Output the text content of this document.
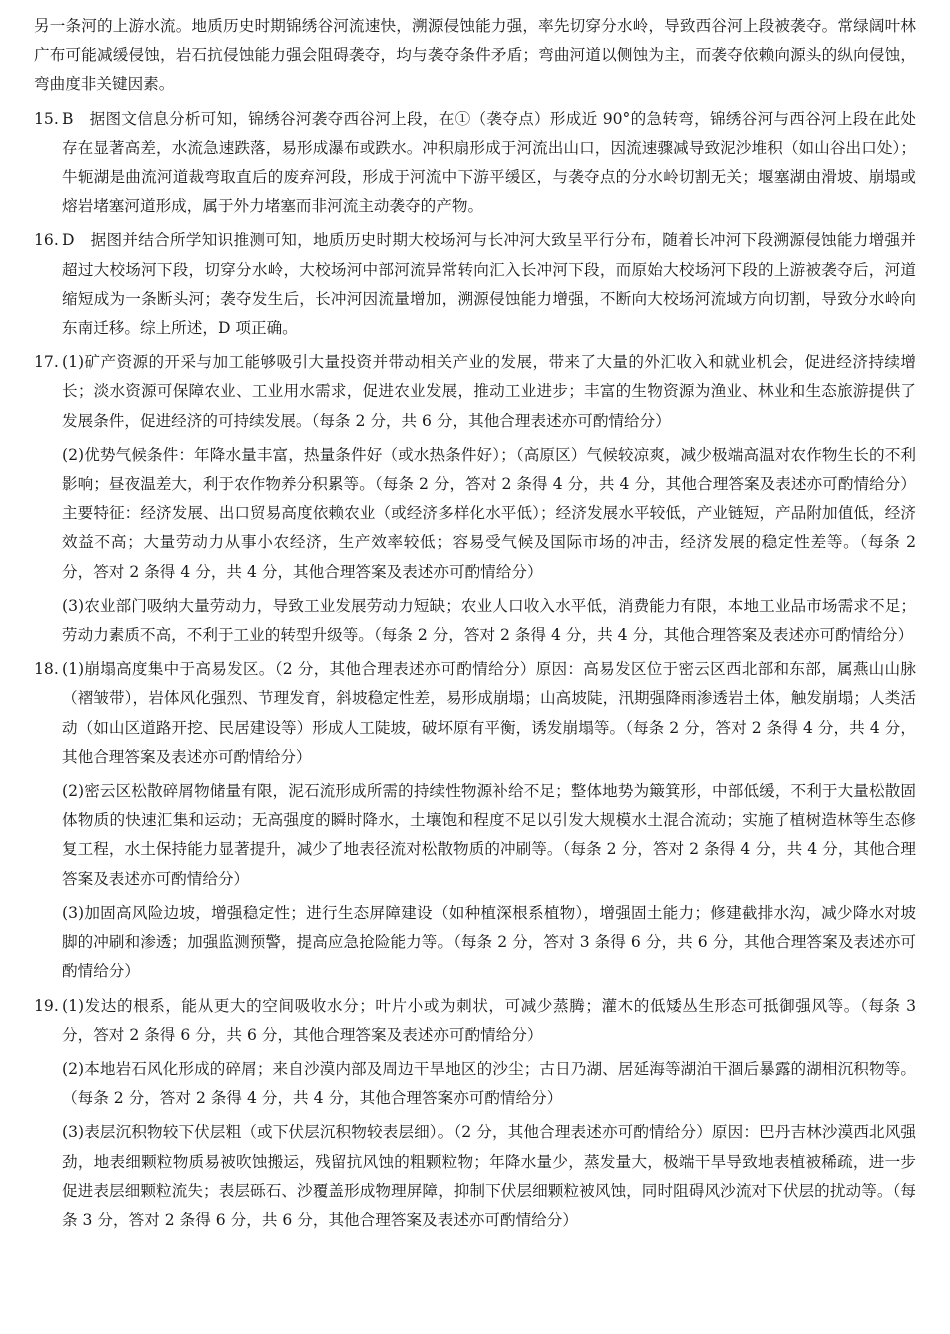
另一条河的上游水流。地质历史时期锦绣谷河流速快，溯源侵蚀能力强，率先切穿分水岭，导致西谷河上段被袭夺。常绿阔叶林广布可能减缓侵蚀，岩石抗侵蚀能力强会阻碍袭夺，均与袭夺条件矛盾；弯曲河道以侧蚀为主，而袭夺依赖向源头的纵向侵蚀，弯曲度非关键因素。

15. B　据图文信息分析可知，锦绣谷河袭夺西谷河上段，在①（袭夺点）形成近 90°的急转弯，锦绣谷河与西谷河上段在此处存在显著高差，水流急速跌落，易形成瀑布或跌水。冲积扇形成于河流出山口，因流速骤减导致泥沙堆积（如山谷出口处）；牛轭湖是曲流河道裁弯取直后的废弃河段，形成于河流中下游平缓区，与袭夺点的分水岭切割无关；堰塞湖由滑坡、崩塌或熔岩堵塞河道形成，属于外力堵塞而非河流主动袭夺的产物。

16. D　据图并结合所学知识推测可知，地质历史时期大校场河与长冲河大致呈平行分布，随着长冲河下段溯源侵蚀能力增强并超过大校场河下段，切穿分水岭，大校场河中部河流异常转向汇入长冲河下段，而原始大校场河下段的上游被袭夺后，河道缩短成为一条断头河；袭夺发生后，长冲河因流量增加，溯源侵蚀能力增强，不断向大校场河流域方向切割，导致分水岭向东南迁移。综上所述，D 项正确。

17. (1)矿产资源的开采与加工能够吸引大量投资并带动相关产业的发展，带来了大量的外汇收入和就业机会，促进经济持续增长；淡水资源可保障农业、工业用水需求，促进农业发展，推动工业进步；丰富的生物资源为渔业、林业和生态旅游提供了发展条件，促进经济的可持续发展。（每条 2 分，共 6 分，其他合理表述亦可酌情给分）

(2)优势气候条件：年降水量丰富，热量条件好（或水热条件好）；（高原区）气候较凉爽，减少极端高温对农作物生长的不利影响；昼夜温差大，利于农作物养分积累等。（每条 2 分，答对 2 条得 4 分，共 4 分，其他合理答案及表述亦可酌情给分）主要特征：经济发展、出口贸易高度依赖农业（或经济多样化水平低）；经济发展水平较低，产业链短，产品附加值低，经济效益不高；大量劳动力从事小农经济，生产效率较低；容易受气候及国际市场的冲击，经济发展的稳定性差等。（每条 2 分，答对 2 条得 4 分，共 4 分，其他合理答案及表述亦可酌情给分）

(3)农业部门吸纳大量劳动力，导致工业发展劳动力短缺；农业人口收入水平低，消费能力有限，本地工业品市场需求不足；劳动力素质不高，不利于工业的转型升级等。（每条 2 分，答对 2 条得 4 分，共 4 分，其他合理答案及表述亦可酌情给分）

18. (1)崩塌高度集中于高易发区。（2 分，其他合理表述亦可酌情给分）原因：高易发区位于密云区西北部和东部，属燕山山脉（褶皱带），岩体风化强烈、节理发育，斜坡稳定性差，易形成崩塌；山高坡陡，汛期强降雨渗透岩土体，触发崩塌；人类活动（如山区道路开挖、民居建设等）形成人工陡坡，破坏原有平衡，诱发崩塌等。（每条 2 分，答对 2 条得 4 分，共 4 分，其他合理答案及表述亦可酌情给分）

(2)密云区松散碎屑物储量有限，泥石流形成所需的持续性物源补给不足；整体地势为簸箕形，中部低缓，不利于大量松散固体物质的快速汇集和运动；无高强度的瞬时降水，土壤饱和程度不足以引发大规模水土混合流动；实施了植树造林等生态修复工程，水土保持能力显著提升，减少了地表径流对松散物质的冲刷等。（每条 2 分，答对 2 条得 4 分，共 4 分，其他合理答案及表述亦可酌情给分）

(3)加固高风险边坡，增强稳定性；进行生态屏障建设（如种植深根系植物），增强固土能力；修建截排水沟，减少降水对坡脚的冲刷和渗透；加强监测预警，提高应急抢险能力等。（每条 2 分，答对 3 条得 6 分，共 6 分，其他合理答案及表述亦可酌情给分）

19. (1)发达的根系，能从更大的空间吸收水分；叶片小或为刺状，可减少蒸腾；灌木的低矮丛生形态可抵御强风等。（每条 3 分，答对 2 条得 6 分，共 6 分，其他合理答案及表述亦可酌情给分）

(2)本地岩石风化形成的碎屑；来自沙漠内部及周边干旱地区的沙尘；古日乃湖、居延海等湖泊干涸后暴露的湖相沉积物等。（每条 2 分，答对 2 条得 4 分，共 4 分，其他合理答案亦可酌情给分）

(3)表层沉积物较下伏层粗（或下伏层沉积物较表层细）。（2 分，其他合理表述亦可酌情给分）原因：巴丹吉林沙漠西北风强劲，地表细颗粒物质易被吹蚀搬运，残留抗风蚀的粗颗粒物；年降水量少，蒸发量大，极端干旱导致地表植被稀疏，进一步促进表层细颗粒流失；表层砾石、沙覆盖形成物理屏障，抑制下伏层细颗粒被风蚀，同时阻碍风沙流对下伏层的扰动等。（每条 3 分，答对 2 条得 6 分，共 6 分，其他合理答案及表述亦可酌情给分）
